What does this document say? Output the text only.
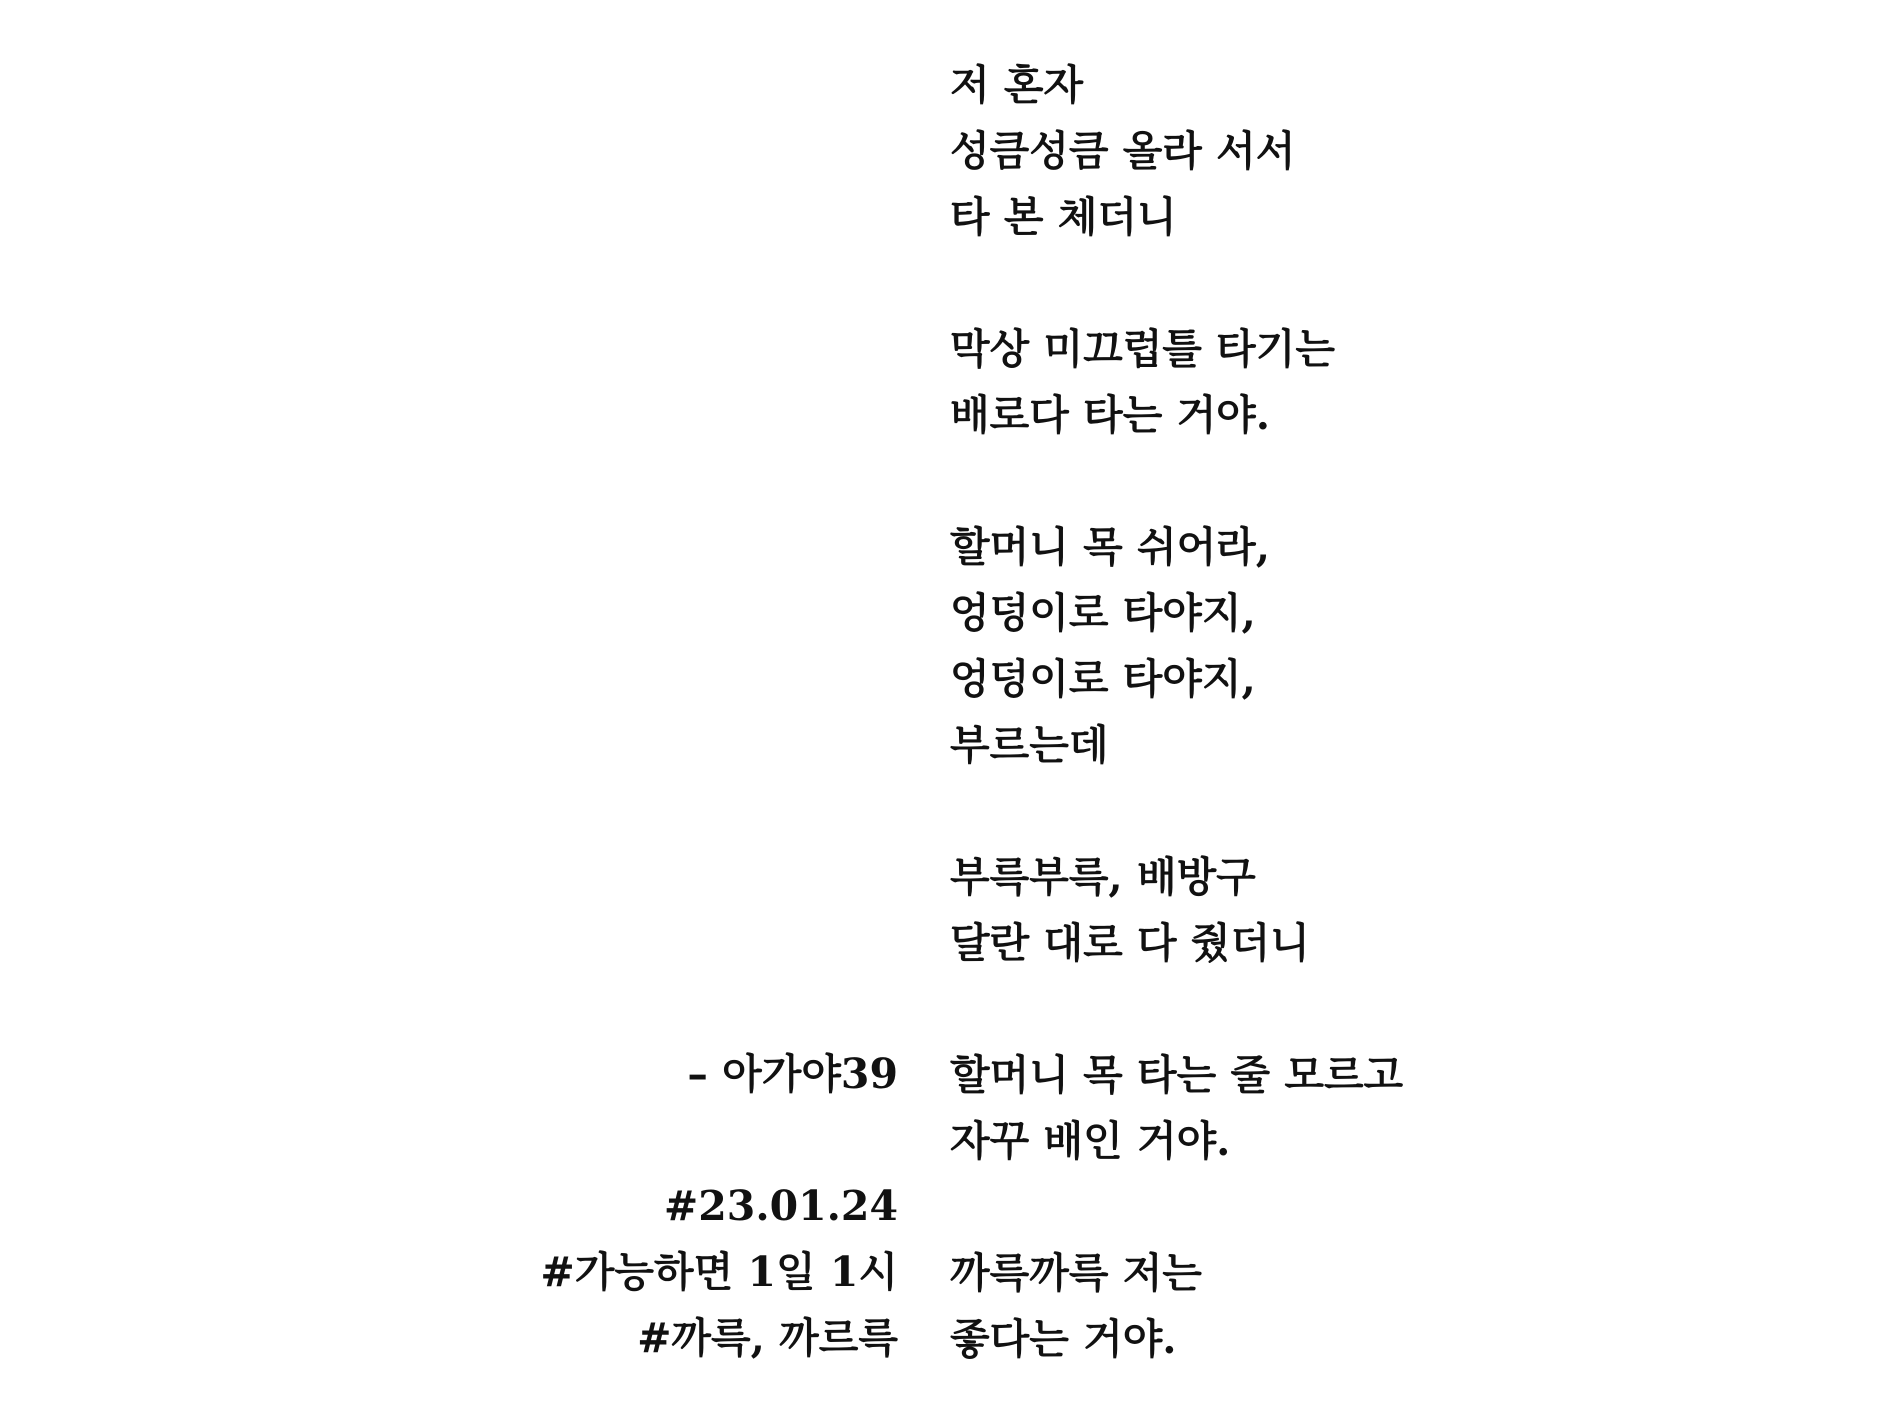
저 혼자
성큼성큼 올라 서서
타 본 체더니
막상 미끄럽틀 타기는
배로다 타는 거야.
할머니 목 쉬어라,
엉덩이로 타야지,
엉덩이로 타야지,
부르는데
부륵부륵, 배방구
달란 대로 다 줬더니
할머니 목 타는 줄 모르고
자꾸 배인 거야.
까륵까륵 저는
좋다는 거야.
– 아가야39
#23.01.24
#가능하면 1일 1시
#까륵, 까르륵
